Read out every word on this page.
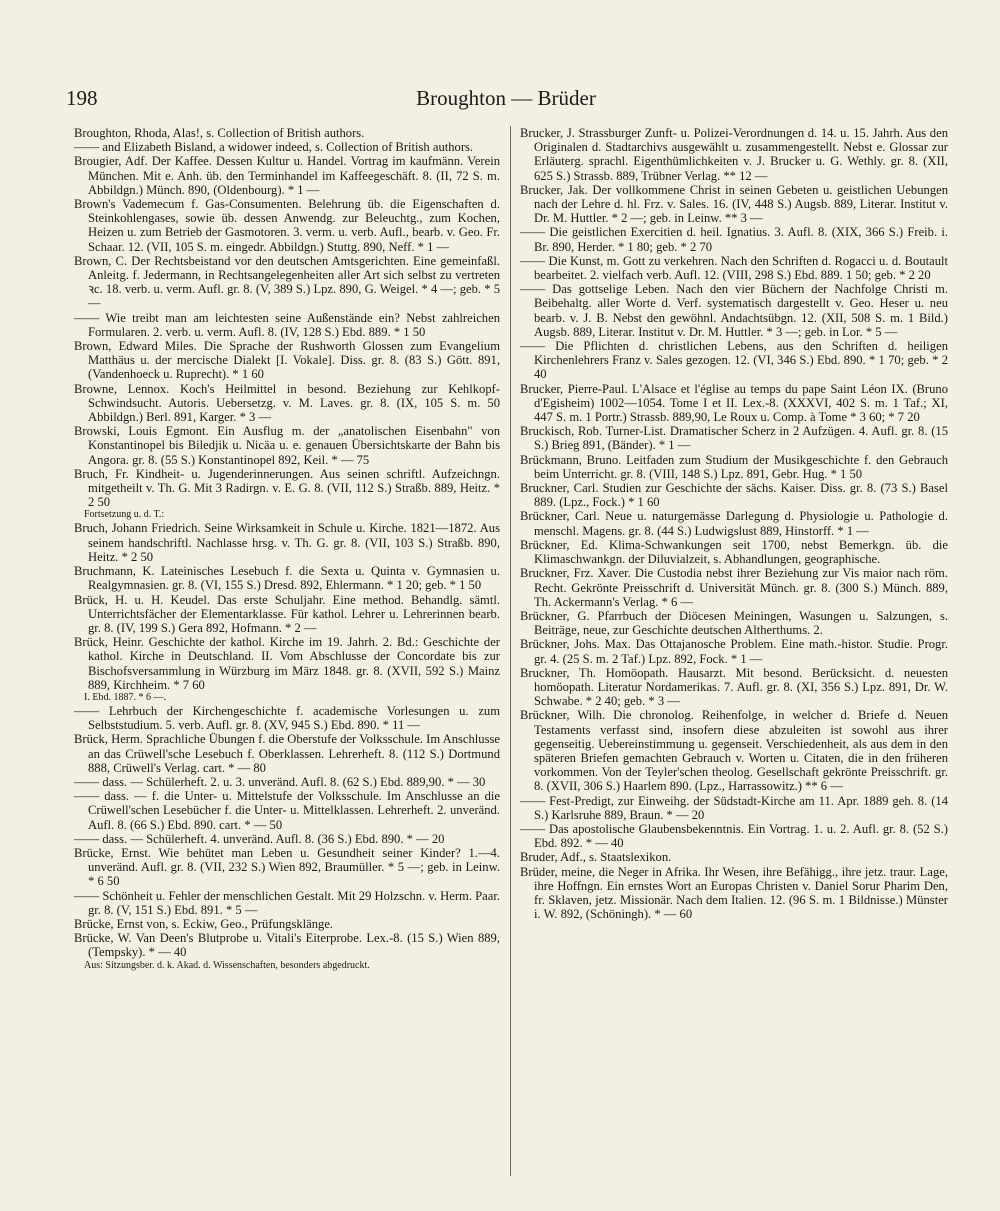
198	Broughton — Brüder

Broughton, Rhoda, Alas!, s. Collection of British authors.

—— and Elizabeth Bisland, a widower indeed, s. Collection of British authors.

Brougier, Adf. Der Kaffee. Dessen Kultur u. Handel. Vortrag im kaufmänn. Verein München. Mit e. Anh. üb. den Terminhandel im Kaffeegeschäft. 8. (II, 72 S. m. Abbildgn.) Münch. 890, (Oldenbourg). * 1 —

Brown's Vademecum f. Gas-Consumenten. Belehrung üb. die Eigenschaften d. Steinkohlengases, sowie üb. dessen Anwendg. zur Beleuchtg., zum Kochen, Heizen u. zum Betrieb der Gasmotoren. 3. verm. u. verb. Aufl., bearb. v. Geo. Fr. Schaar. 12. (VII, 105 S. m. eingedr. Abbildgn.) Stuttg. 890, Neff. * 1 —

Brown, C. Der Rechtsbeistand vor den deutschen Amtsgerichten. Eine gemeinfaßl. Anleitg. f. Jedermann, in Rechtsangelegenheiten aller Art sich selbst zu vertreten ꝛc. 18. verb. u. verm. Aufl. gr. 8. (V, 389 S.) Lpz. 890, G. Weigel. * 4 —; geb. * 5 —

—— Wie treibt man am leichtesten seine Außenstände ein? Nebst zahlreichen Formularen. 2. verb. u. verm. Aufl. 8. (IV, 128 S.) Ebd. 889. * 1 50

Brown, Edward Miles. Die Sprache der Rushworth Glossen zum Evangelium Matthäus u. der mercische Dialekt [I. Vokale]. Diss. gr. 8. (83 S.) Gött. 891, (Vandenhoeck u. Ruprecht). * 1 60

Browne, Lennox. Koch's Heilmittel in besond. Beziehung zur Kehlkopf-Schwindsucht. Autoris. Uebersetzg. v. M. Laves. gr. 8. (IX, 105 S. m. 50 Abbildgn.) Berl. 891, Karger. * 3 —

Browski, Louis Egmont. Ein Ausflug m. der „anatolischen Eisenbahn" von Konstantinopel bis Biledjik u. Nicäa u. e. genauen Übersichtskarte der Bahn bis Angora. gr. 8. (55 S.) Konstantinopel 892, Keil. * — 75

Bruch, Fr. Kindheit- u. Jugenderinnerungen. Aus seinen schriftl. Aufzeichngn. mitgetheilt v. Th. G. Mit 3 Radirgn. v. E. G. 8. (VII, 112 S.) Straßb. 889, Heitz. * 2 50

Fortsetzung u. d. T.:

Bruch, Johann Friedrich. Seine Wirksamkeit in Schule u. Kirche. 1821—1872. Aus seinem handschriftl. Nachlasse hrsg. v. Th. G. gr. 8. (VII, 103 S.) Straßb. 890, Heitz. * 2 50

Bruchmann, K. Lateinisches Lesebuch f. die Sexta u. Quinta v. Gymnasien u. Realgymnasien. gr. 8. (VI, 155 S.) Dresd. 892, Ehlermann. * 1 20; geb. * 1 50

Brück, H. u. H. Keudel. Das erste Schuljahr. Eine method. Behandlg. sämtl. Unterrichtsfächer der Elementarklasse. Für kathol. Lehrer u. Lehrerinnen bearb. gr. 8. (IV, 199 S.) Gera 892, Hofmann. * 2 —

Brück, Heinr. Geschichte der kathol. Kirche im 19. Jahrh. 2. Bd.: Geschichte der kathol. Kirche in Deutschland. II. Vom Abschlusse der Concordate bis zur Bischofsversammlung in Würzburg im März 1848. gr. 8. (XVII, 592 S.) Mainz 889, Kirchheim. * 7 60

I. Ebd. 1887. * 6 —.

—— Lehrbuch der Kirchengeschichte f. academische Vorlesungen u. zum Selbststudium. 5. verb. Aufl. gr. 8. (XV, 945 S.) Ebd. 890. * 11 —

Brück, Herm. Sprachliche Übungen f. die Oberstufe der Volksschule. Im Anschlusse an das Crüwell'sche Lesebuch f. Oberklassen. Lehrerheft. 8. (112 S.) Dortmund 888, Crüwell's Verlag. cart. * — 80

—— dass. — Schülerheft. 2. u. 3. unveränd. Aufl. 8. (62 S.) Ebd. 889,90. * — 30

—— dass. — f. die Unter- u. Mittelstufe der Volksschule. Im Anschlusse an die Crüwell'schen Lesebücher f. die Unter- u. Mittelklassen. Lehrerheft. 2. unveränd. Aufl. 8. (66 S.) Ebd. 890. cart. * — 50

—— dass. — Schülerheft. 4. unveränd. Aufl. 8. (36 S.) Ebd. 890. * — 20

Brücke, Ernst. Wie behütet man Leben u. Gesundheit seiner Kinder? 1.—4. unveränd. Aufl. gr. 8. (VII, 232 S.) Wien 892, Braumüller. * 5 —; geb. in Leinw. * 6 50

—— Schönheit u. Fehler der menschlichen Gestalt. Mit 29 Holzschn. v. Herm. Paar. gr. 8. (V, 151 S.) Ebd. 891. * 5 —

Brücke, Ernst von, s. Eckiw, Geo., Prüfungsklänge.

Brücke, W. Van Deen's Blutprobe u. Vitali's Eiterprobe. Lex.-8. (15 S.) Wien 889, (Tempsky). * — 40

Aus: Sitzungsber. d. k. Akad. d. Wissenschaften, besonders abgedruckt.

Brucker, J. Strassburger Zunft- u. Polizei-Verordnungen d. 14. u. 15. Jahrh. Aus den Originalen d. Stadtarchivs ausgewählt u. zusammengestellt. Nebst e. Glossar zur Erläuterg. sprachl. Eigenthümlichkeiten v. J. Brucker u. G. Wethly. gr. 8. (XII, 625 S.) Strassb. 889, Trübner Verlag. ** 12 —

Brucker, Jak. Der vollkommene Christ in seinen Gebeten u. geistlichen Uebungen nach der Lehre d. hl. Frz. v. Sales. 16. (IV, 448 S.) Augsb. 889, Literar. Institut v. Dr. M. Huttler. * 2 —; geb. in Leinw. ** 3 —

—— Die geistlichen Exercitien d. heil. Ignatius. 3. Aufl. 8. (XIX, 366 S.) Freib. i. Br. 890, Herder. * 1 80; geb. * 2 70

—— Die Kunst, m. Gott zu verkehren. Nach den Schriften d. Rogacci u. d. Boutault bearbeitet. 2. vielfach verb. Aufl. 12. (VIII, 298 S.) Ebd. 889. 1 50; geb. * 2 20

—— Das gottselige Leben. Nach den vier Büchern der Nachfolge Christi m. Beibehaltg. aller Worte d. Verf. systematisch dargestellt v. Geo. Heser u. neu bearb. v. J. B. Nebst den gewöhnl. Andachtsübgn. 12. (XII, 508 S. m. 1 Bild.) Augsb. 889, Literar. Institut v. Dr. M. Huttler. * 3 —; geb. in Lor. * 5 —

—— Die Pflichten d. christlichen Lebens, aus den Schriften d. heiligen Kirchenlehrers Franz v. Sales gezogen. 12. (VI, 346 S.) Ebd. 890. * 1 70; geb. * 2 40

Brucker, Pierre-Paul. L'Alsace et l'église au temps du pape Saint Léon IX. (Bruno d'Egisheim) 1002—1054. Tome I et II. Lex.-8. (XXXVI, 402 S. m. 1 Taf.; XI, 447 S. m. 1 Portr.) Strassb. 889,90, Le Roux u. Comp. à Tome * 3 60; * 7 20

Bruckisch, Rob. Turner-List. Dramatischer Scherz in 2 Aufzügen. 4. Aufl. gr. 8. (15 S.) Brieg 891, (Bänder). * 1 —

Brückmann, Bruno. Leitfaden zum Studium der Musikgeschichte f. den Gebrauch beim Unterricht. gr. 8. (VIII, 148 S.) Lpz. 891, Gebr. Hug. * 1 50

Bruckner, Carl. Studien zur Geschichte der sächs. Kaiser. Diss. gr. 8. (73 S.) Basel 889. (Lpz., Fock.) * 1 60

Brückner, Carl. Neue u. naturgemässe Darlegung d. Physiologie u. Pathologie d. menschl. Magens. gr. 8. (44 S.) Ludwigslust 889, Hinstorff. * 1 —

Brückner, Ed. Klima-Schwankungen seit 1700, nebst Bemerkgn. üb. die Klimaschwankgn. der Diluvialzeit, s. Abhandlungen, geographische.

Bruckner, Frz. Xaver. Die Custodia nebst ihrer Beziehung zur Vis maior nach röm. Recht. Gekrönte Preisschrift d. Universität Münch. gr. 8. (300 S.) Münch. 889, Th. Ackermann's Verlag. * 6 —

Brückner, G. Pfarrbuch der Diöcesen Meiningen, Wasungen u. Salzungen, s. Beiträge, neue, zur Geschichte deutschen Altherthums. 2.

Brückner, Johs. Max. Das Ottajanosche Problem. Eine math.-histor. Studie. Progr. gr. 4. (25 S. m. 2 Taf.) Lpz. 892, Fock. * 1 —

Bruckner, Th. Homöopath. Hausarzt. Mit besond. Berücksicht. d. neuesten homöopath. Literatur Nordamerikas. 7. Aufl. gr. 8. (XI, 356 S.) Lpz. 891, Dr. W. Schwabe. * 2 40; geb. * 3 —

Brückner, Wilh. Die chronolog. Reihenfolge, in welcher d. Briefe d. Neuen Testaments verfasst sind, insofern diese abzuleiten ist sowohl aus ihrer gegenseitig. Uebereinstimmung u. gegenseit. Verschiedenheit, als aus dem in den späteren Briefen gemachten Gebrauch v. Worten u. Citaten, die in den früheren vorkommen. Von der Teyler'schen theolog. Gesellschaft gekrönte Preisschrift. gr. 8. (XVII, 306 S.) Haarlem 890. (Lpz., Harrassowitz.) ** 6 —

—— Fest-Predigt, zur Einweihg. der Südstadt-Kirche am 11. Apr. 1889 geh. 8. (14 S.) Karlsruhe 889, Braun. * — 20

—— Das apostolische Glaubensbekenntnis. Ein Vortrag. 1. u. 2. Aufl. gr. 8. (52 S.) Ebd. 892. * — 40

Bruder, Adf., s. Staatslexikon.

Brüder, meine, die Neger in Afrika. Ihr Wesen, ihre Befähigg., ihre jetz. traur. Lage, ihre Hoffngn. Ein ernstes Wort an Europas Christen v. Daniel Sorur Pharim Den, fr. Sklaven, jetz. Missionär. Nach dem Italien. 12. (96 S. m. 1 Bildnisse.) Münster i. W. 892, (Schöningh). * — 60
